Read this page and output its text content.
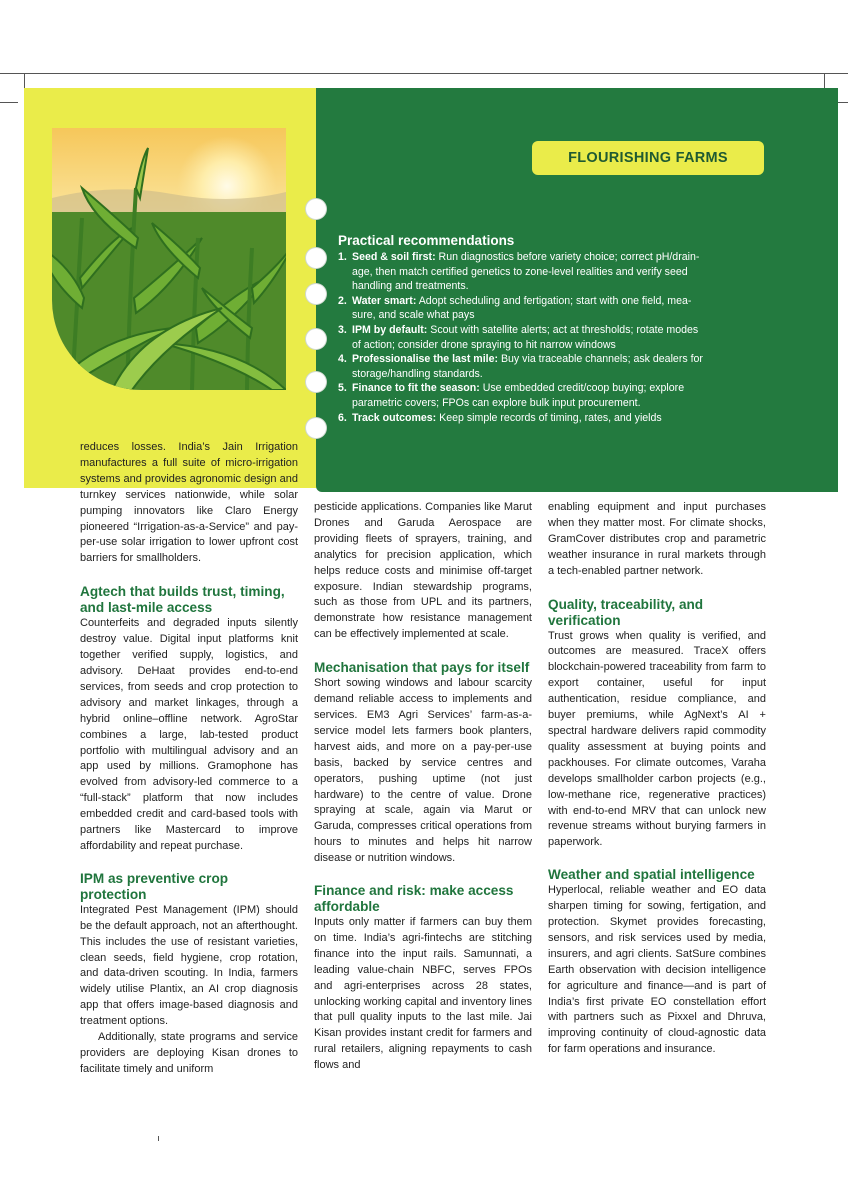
FLOURISHING FARMS
Practical recommendations
1. Seed & soil first: Run diagnostics before variety choice; correct pH/drain-
age, then match certified genetics to zone-level realities and verify seed
handling and treatments.
2. Water smart: Adopt scheduling and fertigation; start with one field, mea-
sure, and scale what pays
3. IPM by default: Scout with satellite alerts; act at thresholds; rotate modes
of action; consider drone spraying to hit narrow windows
4. Professionalise the last mile: Buy via traceable channels; ask dealers for
storage/handling standards.
5. Finance to fit the season: Use embedded credit/coop buying; explore
parametric covers; FPOs can explore bulk input procurement.
6. Track outcomes: Keep simple records of timing, rates, and yields

reduces losses. India’s Jain Irrigation manufactures a full suite of micro-irrigation systems and provides agronomic design and turnkey services nationwide, while solar pumping innovators like Claro Energy pioneered “Irrigation-as-a-Service” and pay-per-use solar irrigation to lower upfront cost barriers for smallholders.

Agtech that builds trust, timing, and last-mile access

Counterfeits and degraded inputs silently destroy value. Digital input platforms knit together verified supply, logistics, and advisory. DeHaat provides end-to-end services, from seeds and crop protection to advisory and market linkages, through a hybrid online–offline network. AgroStar combines a large, lab-tested product portfolio with multilingual advisory and an app used by millions. Gramophone has evolved from advisory-led commerce to a “full-stack” platform that now includes embedded credit and card-based tools with partners like Mastercard to improve affordability and repeat purchase.

IPM as preventive crop protection

Integrated Pest Management (IPM) should be the default approach, not an afterthought. This includes the use of resistant varieties, clean seeds, field hygiene, crop rotation, and data-driven scouting. In India, farmers widely utilise Plantix, an AI crop diagnosis app that offers image-based diagnosis and treatment options.

Additionally, state programs and service providers are deploying Kisan drones to facilitate timely and uniform

pesticide applications. Companies like Marut Drones and Garuda Aerospace are providing fleets of sprayers, training, and analytics for precision application, which helps reduce costs and minimise off-target exposure. Indian stewardship programs, such as those from UPL and its partners, demonstrate how resistance management can be effectively implemented at scale.

Mechanisation that pays for itself

Short sowing windows and labour scarcity demand reliable access to implements and services. EM3 Agri Services’ farm-as-a-service model lets farmers book planters, harvest aids, and more on a pay-per-use basis, backed by service centres and operators, pushing uptime (not just hardware) to the centre of value. Drone spraying at scale, again via Marut or Garuda, compresses critical operations from hours to minutes and helps hit narrow disease or nutrition windows.

Finance and risk: make access affordable

Inputs only matter if farmers can buy them on time. India’s agri-fintechs are stitching finance into the input rails. Samunnati, a leading value-chain NBFC, serves FPOs and agri-enterprises across 28 states, unlocking working capital and inventory lines that pull quality inputs to the last mile. Jai Kisan provides instant credit for farmers and rural retailers, aligning repayments to cash flows and

enabling equipment and input purchases when they matter most. For climate shocks, GramCover distributes crop and parametric weather insurance in rural markets through a tech-enabled partner network.

Quality, traceability, and verification

Trust grows when quality is verified, and outcomes are measured. TraceX offers blockchain-powered traceability from farm to export container, useful for input authentication, residue compliance, and buyer premiums, while AgNext’s AI + spectral hardware delivers rapid commodity quality assessment at buying points and packhouses. For climate outcomes, Varaha develops smallholder carbon projects (e.g., low-methane rice, regenerative practices) with end-to-end MRV that can unlock new revenue streams without burying farmers in paperwork.

Weather and spatial intelligence

Hyperlocal, reliable weather and EO data sharpen timing for sowing, fertigation, and protection. Skymet provides forecasting, sensors, and risk services used by media, insurers, and agri clients. SatSure combines Earth observation with decision intelligence for agriculture and finance—and is part of India’s first private EO constellation effort with partners such as Pixxel and Dhruva, improving continuity of cloud-agnostic data for farm operations and insurance.
